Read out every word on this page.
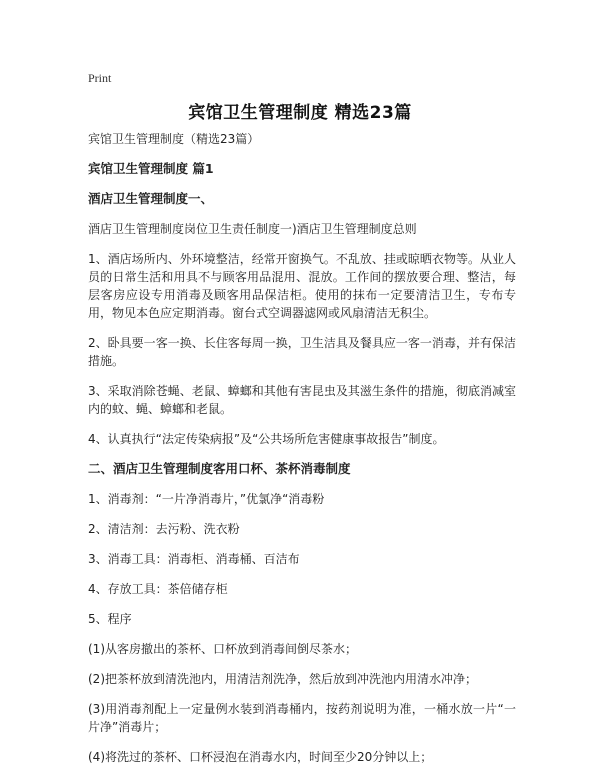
Print
宾馆卫生管理制度 精选23篇

宾馆卫生管理制度（精选23篇）

宾馆卫生管理制度 篇1

酒店卫生管理制度一、

酒店卫生管理制度岗位卫生责任制度一)酒店卫生管理制度总则

1、酒店场所内、外环境整洁，经常开窗换气。不乱放、挂或晾晒衣物等。从业人员的日常生活和用具不与顾客用品混用、混放。工作间的摆放要合理、整洁，每层客房应设专用消毒及顾客用品保洁柜。使用的抹布一定要清洁卫生，专布专用，物见本色应定期消毒。窗台式空调器滤网或风扇清洁无积尘。

2、卧具要一客一换、长住客每周一换，卫生洁具及餐具应一客一消毒，并有保洁措施。

3、采取消除苍蝇、老鼠、蟑螂和其他有害昆虫及其滋生条件的措施，彻底消减室内的蚊、蝇、蟑螂和老鼠。

4、认真执行“法定传染病报”及“公共场所危害健康事故报告”制度。

二、酒店卫生管理制度客用口杯、茶杯消毒制度

1、消毒剂：“一片净消毒片，”优氯净“消毒粉

2、清洁剂：去污粉、洗衣粉

3、消毒工具：消毒柜、消毒桶、百洁布

4、存放工具：茶倍储存柜

5、程序

(1)从客房撤出的茶杯、口杯放到消毒间倒尽茶水；

(2)把茶杯放到清洗池内，用清洁剂洗净，然后放到冲洗池内用清水冲净；

(3)用消毒剂配上一定量例水装到消毒桶内，按药剂说明为准，一桶水放一片“一片净”消毒片；

(4)将洗过的茶杯、口杯浸泡在消毒水内，时间至少20分钟以上；
